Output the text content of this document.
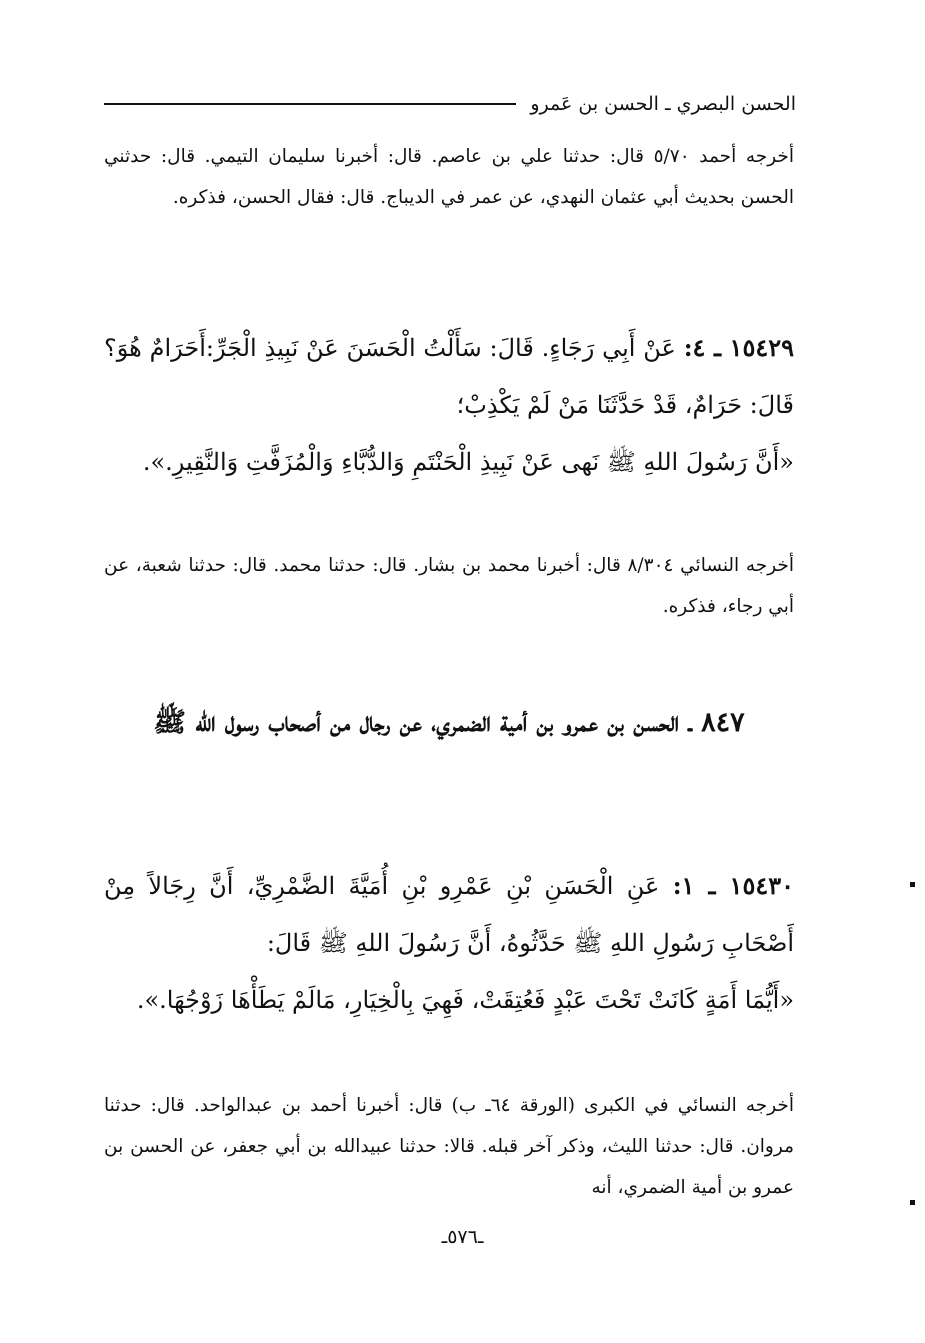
الحسن البصري ـ الحسن بن عَمرو
أخرجه أحمد ٥/٧٠ قال: حدثنا علي بن عاصم. قال: أخبرنا سليمان التيمي. قال: حدثني الحسن بحديث أبي عثمان النهدي، عن عمر في الديباج. قال: فقال الحسن، فذكره.
١٥٤٢٩ ـ ٤: عَنْ أَبِي رَجَاءٍ. قَالَ: سَأَلْتُ الْحَسَنَ عَنْ نَبِيذِ الْجَرِّ:أَحَرَامٌ هُوَ؟ قَالَ: حَرَامٌ، قَدْ حَدَّثَنَا مَنْ لَمْ يَكْذِبْ؛
«أَنَّ رَسُولَ اللهِ ﷺ نَهى عَنْ نَبِيذِ الْحَنْتَمِ وَالدُّبَّاءِ وَالْمُزَفَّتِ وَالنَّقِيرِ.».
أخرجه النسائي ٨/٣٠٤ قال: أخبرنا محمد بن بشار. قال: حدثنا محمد. قال: حدثنا شعبة، عن أبي رجاء، فذكره.
٨٤٧ ـ الحسن بن عمرو بن أمية الضمري، عن رجال من أصحاب رسول الله ﷺ
١٥٤٣٠ ـ ١: عَنِ الْحَسَنِ بْنِ عَمْرِو بْنِ أُمَيَّةَ الضَّمْرِيِّ، أَنَّ رِجَالاً مِنْ أَصْحَابِ رَسُولِ اللهِ ﷺ حَدَّثُوهُ، أَنَّ رَسُولَ اللهِ ﷺ قَالَ:
«أَيُّمَا أَمَةٍ كَانَتْ تَحْتَ عَبْدٍ فَعُتِقَتْ، فَهِيَ بِالْخِيَارِ، مَالَمْ يَطَأْهَا زَوْجُهَا.».
أخرجه النسائي في الكبرى (الورقة ٦٤ـ ب) قال: أخبرنا أحمد بن عبدالواحد. قال: حدثنا مروان. قال: حدثنا الليث، وذكر آخر قبله. قالا: حدثنا عبيدالله بن أبي جعفر، عن الحسن بن عمرو بن أمية الضمري، أنه
ـ٥٧٦ـ
